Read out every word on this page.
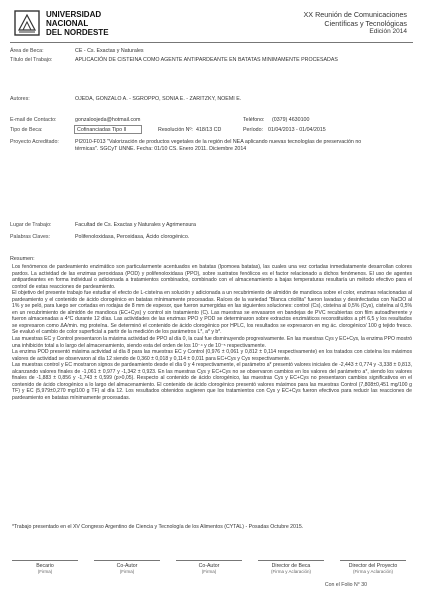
UNIVERSIDAD
NACIONAL
DEL NORDESTE
XX Reunión de Comunicaciones
Científicas y Tecnológicas
Edición 2014
Área de Beca:	CE - Cs. Exactas y Naturales
Título del Trabajo:	APLICACIÓN DE CISTEINA COMO AGENTE ANTIPARDEANTE EN BATATAS MINIMAMENTE PROCESADAS
Autores:	OJEDA, GONZALO A. - SGROPPO, SONIA E. - ZARITZKY, NOEMI E.
E-mail de Contacto:	gonzaloojeda@hotmail.com	Teléfono: (0379) 4630100
Tipo de Beca:	Cofinanciadas Tipo II	Resolución Nº: 418/13 CD	Período: 01/04/2013 - 01/04/2015
Proyecto Acreditado:	PI2010-F013 "Valorización de productos vegetales de la región del NEA aplicando nuevas tecnologías de preservación no térmicas". SGCyT UNNE. Fecha: 01/10 CS. Enero 2011. Diciembre 2014
Lugar de Trabajo:	Facultad de Cs. Exactas y Naturales y Agrimensura
Palabras Claves:	Polifenoloxidasa, Peroxidasa, Ácido clorogénico.
Resumen:

Los fenómenos de pardeamiento enzimático son particularmente acentuados en batatas (Ipomoea batatas), las cuales una vez cortadas inmediatamente desarrollan colores pardos. La actividad de las enzimas peroxidasa (POD) y polifenoloxidasa (PPO), sobre sustratos fenólicos es el factor relacionado a dichos fenómenos. El uso de agentes antipardeantes en forma individual o adicionada a tratamientos combinados, combinado con el almacenamiento a bajas temperaturas resultaría un método efectivo para el control de estas reacciones de pardeamiento.

El objetivo del presente trabajo fue estudiar el efecto de L-cisteína en solución y adicionada a un recubrimiento de almidón de mandioca sobre el color, enzimas relacionadas al pardeamiento y el contenido de ácido clorogénico en batatas mínimamente procesadas. Raíces de la variedad "Blanca criollita" fueron lavadas y desinfectadas con NaClO al 1% y se peló, para luego ser cortadas en rodajas de 8 mm de espesor, que fueron sumergidas en las siguientes soluciones: control (Cs), cisteína al 0,5% (Cys), cisteína al 0,5% en un recubrimiento de almidón de mandioca (EC+Cys) y control sin tratamiento (C). Las muestras se envasaron en bandejas de PVC recubiertas con film autoadherente y fueron almacenadas a 4°C durante 12 días. Las actividades de las enzimas PPO y POD se determinaron sobre extractos enzimáticos reconstituidos a pH 6,5 y los resultados se expresaron como ΔA/min. mg proteína. Se determinó el contenido de ácido clorogénico por HPLC, los resultados se expresaron en mg ác. clorogénico/ 100 g tejido fresco. Se evaluó el cambio de color superficial a partir de la medición de los parámetros L*, a* y b*.

Las muestras EC y Control presentaron la máxima actividad de PPO al día 0, la cual fue disminuyendo progresivamente. En las muestras Cys y EC+Cys, la enzima PPO mostró una inhibición total a lo largo del almacenamiento, siendo esta del orden de los 10⁻⁴ y de 10⁻⁵ respectivamente.

La enzima POD presentó máxima actividad al día 8 para las muestras EC y Control (0,976 ± 0,061 y 0,812 ± 0,114 respectivamente) en los tratados con cisteína los máximos valores de actividad se observaron al día 12 siendo de 0,360 ± 0,018 y 0,114 ± 0,011 para EC+Cys y Cys respectivamente.

Las muestras control y EC mostraron signos de pardeamiento desde el día 0 y 4 respectivamente, el parámetro a* presentó valores iniciales de -2,443 ± 0,774 y -3,338 ± 0,813, alcanzando valores finales de -1,061 ± 0,977 y -1,342 ± 0,923. En las muestras Cys y EC+Cys no se observaron cambios en los valores del parámetro a*, siendo los valores finales de -1,883 ± 0,856 y -1,743 ± 0,599 (p>0,05). Respecto al contenido de ácido clorogénico, las muestras Cys y EC+Cys no presentaron cambios significativos en el contenido de ácido clorogénico a lo largo del almacenamiento. El contenido de ácido clorogénico presentó valores máximos para las muestras Control (7,808±0,451 mg/100 g TF) y EC (5,979±0,270 mg/100 g TF) al día 12. Los resultados obtenidos sugieren que los tratamientos con Cys y EC+Cys fueron efectivos para reducir las reacciones de pardeamiento en batatas mínimamente procesadas.

*Trabajo presentado en el XV Congreso Argentino de Ciencia y Tecnología de los Alimentos (CYTAL) - Posadas Octubre 2015.
Becario
(Firma)
Co-Autor
(Firma)
Co-Autor
(Firma)
Director de Beca
(Firma y Aclaración)
Director del Proyecto
(Firma y Aclaración)
Con el Folio N° 30
